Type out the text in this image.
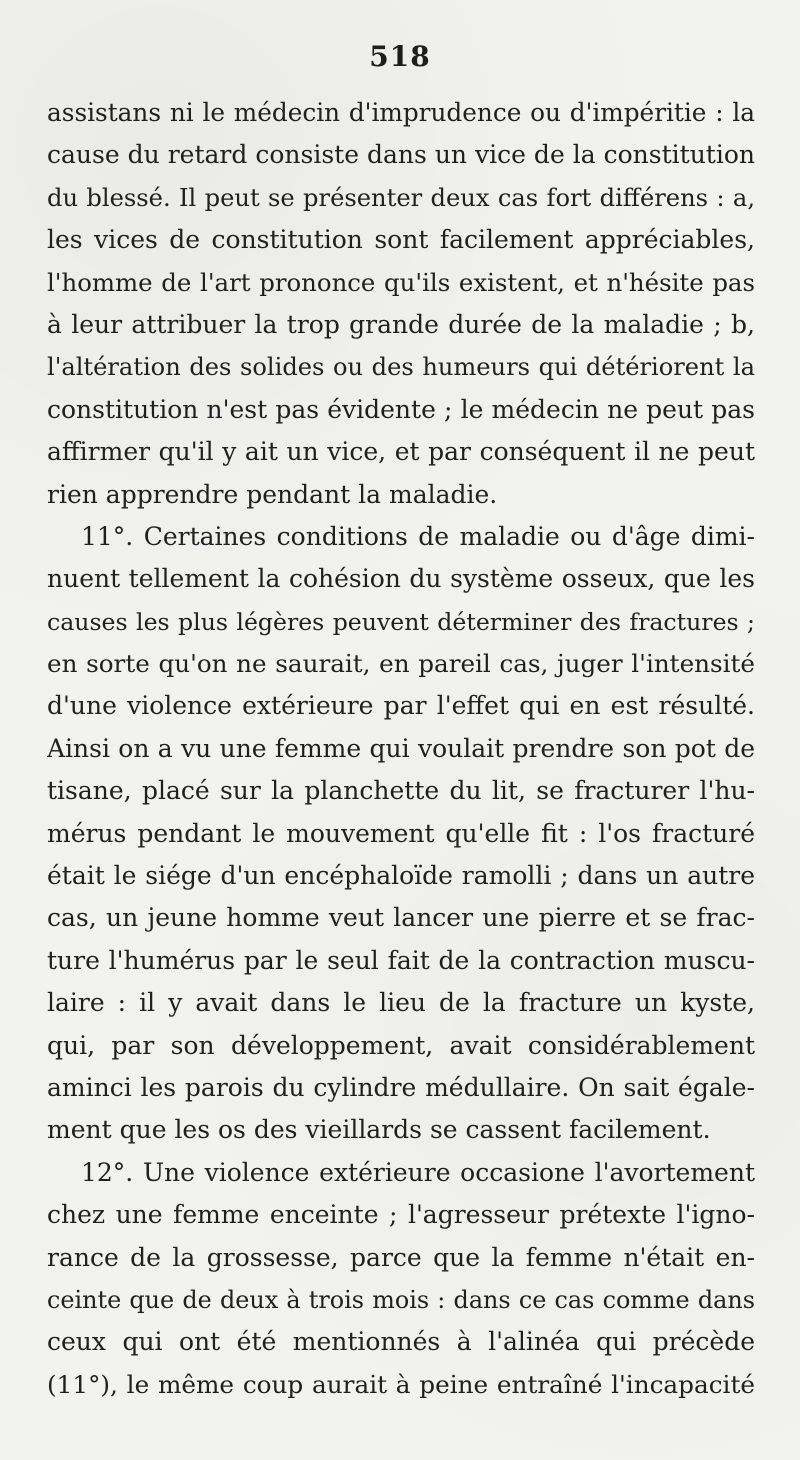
518
assistans ni le médecin d'imprudence ou d'impéritie : la
cause du retard consiste dans un vice de la constitution
du blessé. Il peut se présenter deux cas fort différens : a,
les vices de constitution sont facilement appréciables,
l'homme de l'art prononce qu'ils existent, et n'hésite pas
à leur attribuer la trop grande durée de la maladie ; b,
l'altération des solides ou des humeurs qui détériorent la
constitution n'est pas évidente ; le médecin ne peut pas
affirmer qu'il y ait un vice, et par conséquent il ne peut
rien apprendre pendant la maladie.
11°. Certaines conditions de maladie ou d'âge dimi-
nuent tellement la cohésion du système osseux, que les
causes les plus légères peuvent déterminer des fractures ;
en sorte qu'on ne saurait, en pareil cas, juger l'intensité
d'une violence extérieure par l'effet qui en est résulté.
Ainsi on a vu une femme qui voulait prendre son pot de
tisane, placé sur la planchette du lit, se fracturer l'hu-
mérus pendant le mouvement qu'elle fit : l'os fracturé
était le siége d'un encéphaloïde ramolli ; dans un autre
cas, un jeune homme veut lancer une pierre et se frac-
ture l'humérus par le seul fait de la contraction muscu-
laire : il y avait dans le lieu de la fracture un kyste,
qui, par son développement, avait considérablement
aminci les parois du cylindre médullaire. On sait égale-
ment que les os des vieillards se cassent facilement.
12°. Une violence extérieure occasione l'avortement
chez une femme enceinte ; l'agresseur prétexte l'igno-
rance de la grossesse, parce que la femme n'était en-
ceinte que de deux à trois mois : dans ce cas comme dans
ceux qui ont été mentionnés à l'alinéa qui précède
(11°), le même coup aurait à peine entraîné l'incapacité
